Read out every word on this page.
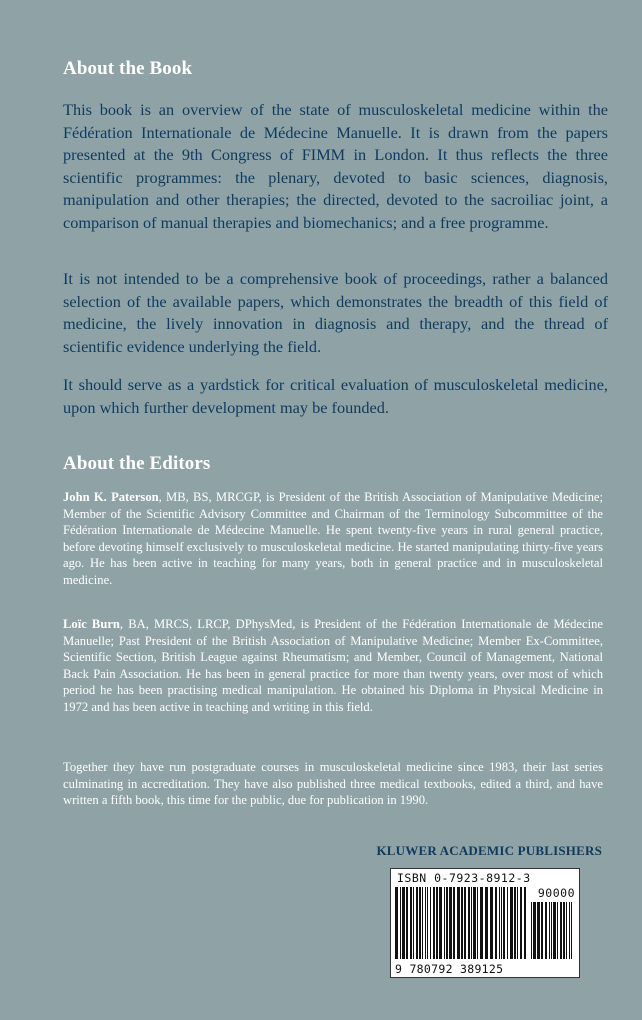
About the Book

This book is an overview of the state of musculoskeletal medicine within the Fédération Internationale de Médecine Manuelle. It is drawn from the papers presented at the 9th Congress of FIMM in London. It thus reflects the three scientific programmes: the plenary, devoted to basic sciences, diagnosis, manipulation and other therapies; the directed, devoted to the sacroiliac joint, a comparison of manual therapies and biomechanics; and a free programme.

It is not intended to be a comprehensive book of proceedings, rather a balanced selection of the available papers, which demonstrates the breadth of this field of medicine, the lively innovation in diagnosis and therapy, and the thread of scientific evidence underlying the field.

It should serve as a yardstick for critical evaluation of musculoskeletal medicine, upon which further development may be founded.

About the Editors

John K. Paterson, MB, BS, MRCGP, is President of the British Association of Manipulative Medicine; Member of the Scientific Advisory Committee and Chairman of the Terminology Subcommittee of the Fédération Internationale de Médecine Manuelle. He spent twenty-five years in rural general practice, before devoting himself exclusively to musculoskeletal medicine. He started manipulating thirty-five years ago. He has been active in teaching for many years, both in general practice and in musculoskeletal medicine.

Loïc Burn, BA, MRCS, LRCP, DPhysMed, is President of the Fédération Internationale de Médecine Manuelle; Past President of the British Association of Manipulative Medicine; Member Ex-Committee, Scientific Section, British League against Rheumatism; and Member, Council of Management, National Back Pain Association. He has been in general practice for more than twenty years, over most of which period he has been practising medical manipulation. He obtained his Diploma in Physical Medicine in 1972 and has been active in teaching and writing in this field.

Together they have run postgraduate courses in musculoskeletal medicine since 1983, their last series culminating in accreditation. They have also published three medical textbooks, edited a third, and have written a fifth book, this time for the public, due for publication in 1990.

KLUWER ACADEMIC PUBLISHERS

ISBN 0-7923-8912-3
90000
9 780792 389125
